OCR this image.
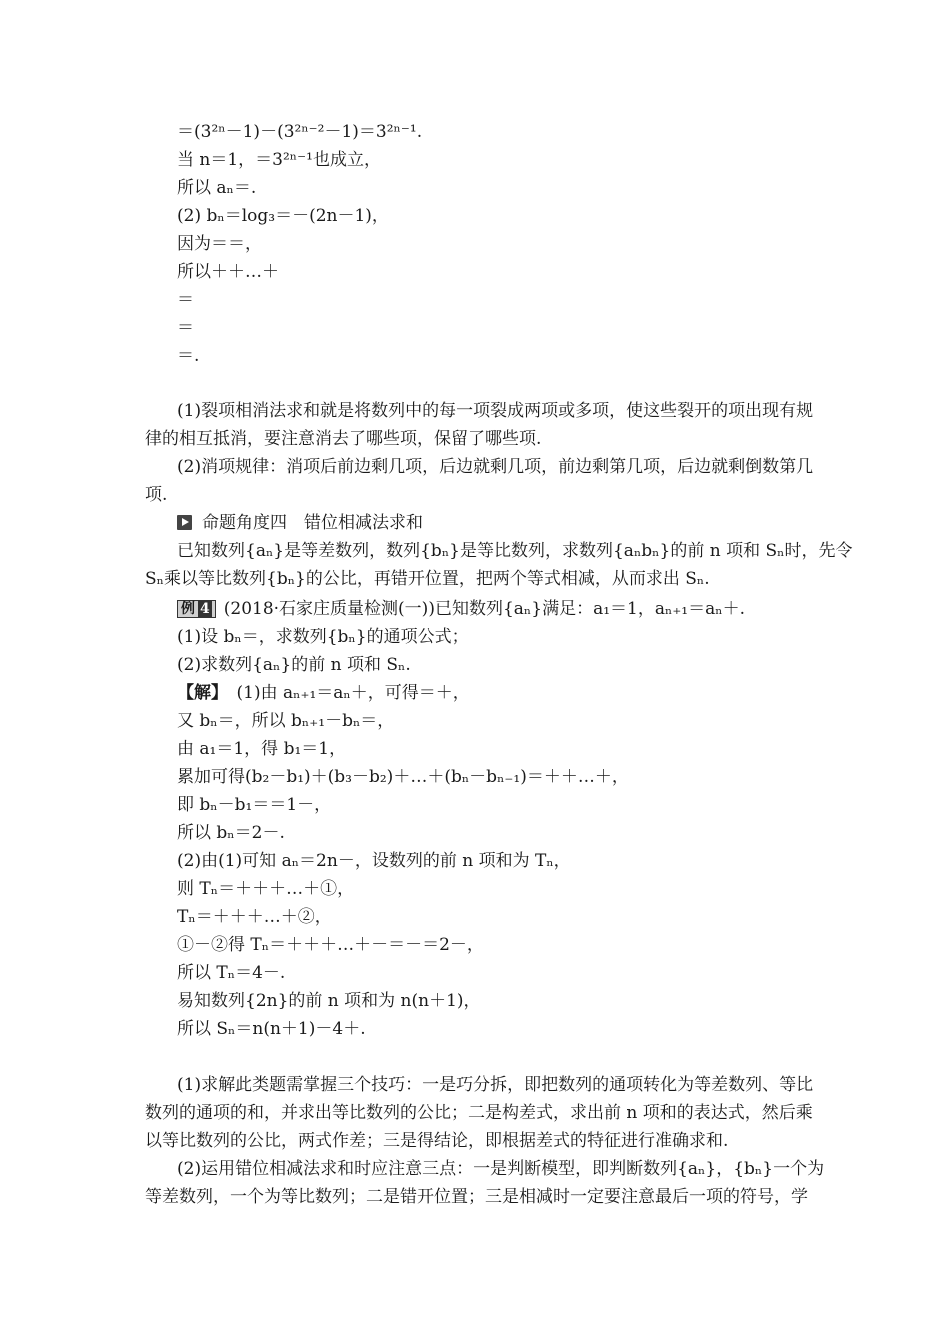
＝(3²ⁿ－1)－(3²ⁿ⁻²－1)＝3²ⁿ⁻¹.
当 n＝1，＝3²ⁿ⁻¹也成立，
所以 aₙ＝.
(2) bₙ＝log₃＝－(2n－1)，
因为＝＝，
所以＋＋…＋
＝
＝
＝.
(1)裂项相消法求和就是将数列中的每一项裂成两项或多项，使这些裂开的项出现有规
律的相互抵消，要注意消去了哪些项，保留了哪些项.
(2)消项规律：消项后前边剩几项，后边就剩几项，前边剩第几项，后边就剩倒数第几
项.
命题角度四　错位相减法求和
已知数列{aₙ}是等差数列，数列{bₙ}是等比数列，求数列{aₙbₙ}的前 n 项和 Sₙ时，先令
Sₙ乘以等比数列{bₙ}的公比，再错开位置，把两个等式相减，从而求出 Sₙ.
例 4 (2018·石家庄质量检测(一))已知数列{aₙ}满足：a₁＝1，aₙ₊₁＝aₙ＋.
(1)设 bₙ＝，求数列{bₙ}的通项公式；
(2)求数列{aₙ}的前 n 项和 Sₙ.
【解】　 (1)由 aₙ₊₁＝aₙ＋，可得＝＋，
又 bₙ＝，所以 bₙ₊₁－bₙ＝，
由 a₁＝1，得 b₁＝1，
累加可得(b₂－b₁)＋(b₃－b₂)＋…＋(bₙ－bₙ₋₁)＝＋＋…＋，
即 bₙ－b₁＝＝1－，
所以 bₙ＝2－.
(2)由(1)可知 aₙ＝2n－，设数列的前 n 项和为 Tₙ，
则 Tₙ＝＋＋＋…＋①，
Tₙ＝＋＋＋…＋②，
①－②得 Tₙ＝＋＋＋…＋－＝－＝2－，
所以 Tₙ＝4－.
易知数列{2n}的前 n 项和为 n(n＋1)，
所以 Sₙ＝n(n＋1)－4＋.
(1)求解此类题需掌握三个技巧：一是巧分拆，即把数列的通项转化为等差数列、等比
数列的通项的和，并求出等比数列的公比；二是构差式，求出前 n 项和的表达式，然后乘
以等比数列的公比，两式作差；三是得结论，即根据差式的特征进行准确求和.
(2)运用错位相减法求和时应注意三点：一是判断模型，即判断数列{aₙ}，{bₙ}一个为
等差数列，一个为等比数列；二是错开位置；三是相减时一定要注意最后一项的符号，学
